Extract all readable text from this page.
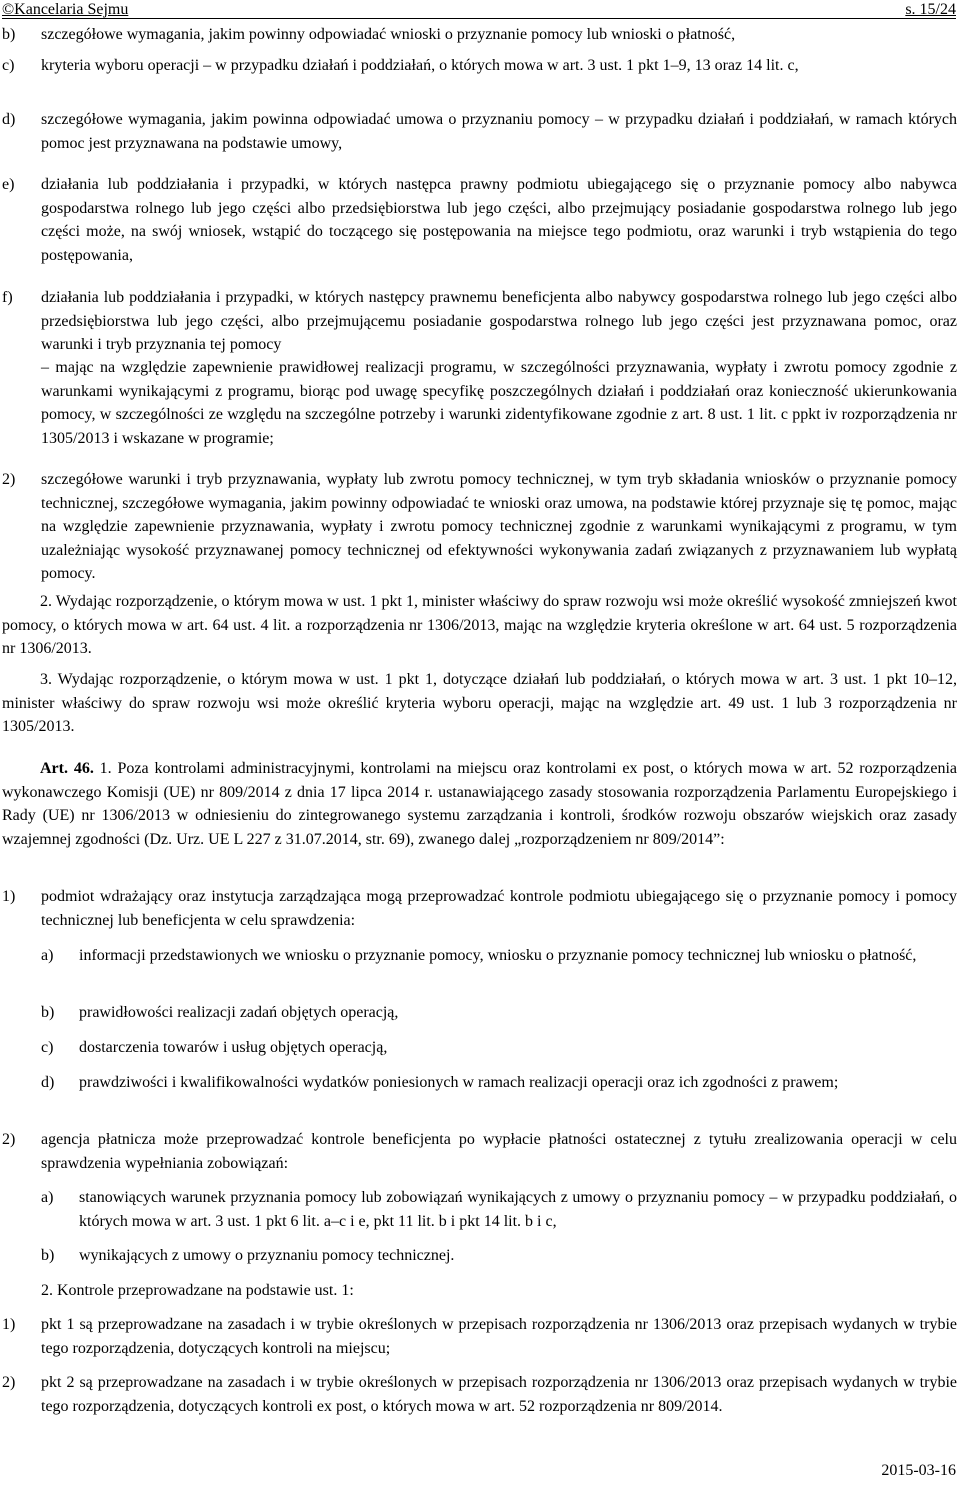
©Kancelaria Sejmu	s. 15/24
b) szczegółowe wymagania, jakim powinny odpowiadać wnioski o przyznanie pomocy lub wnioski o płatność,
c) kryteria wyboru operacji – w przypadku działań i poddziałań, o których mowa w art. 3 ust. 1 pkt 1–9, 13 oraz 14 lit. c,
d) szczegółowe wymagania, jakim powinna odpowiadać umowa o przyznaniu pomocy – w przypadku działań i poddziałań, w ramach których pomoc jest przyznawana na podstawie umowy,
e) działania lub poddziałania i przypadki, w których następca prawny podmiotu ubiegającego się o przyznanie pomocy albo nabywca gospodarstwa rolnego lub jego części albo przedsiębiorstwa lub jego części, albo przejmujący posiadanie gospodarstwa rolnego lub jego części może, na swój wniosek, wstąpić do toczącego się postępowania na miejsce tego podmiotu, oraz warunki i tryb wstąpienia do tego postępowania,
f) działania lub poddziałania i przypadki, w których następcy prawnemu beneficjenta albo nabywcy gospodarstwa rolnego lub jego części albo przedsiębiorstwa lub jego części, albo przejmującemu posiadanie gospodarstwa rolnego lub jego części jest przyznawana pomoc, oraz warunki i tryb przyznania tej pomocy
– mając na względzie zapewnienie prawidłowej realizacji programu, w szczególności przyznawania, wypłaty i zwrotu pomocy zgodnie z warunkami wynikającymi z programu, biorąc pod uwagę specyfikę poszczególnych działań i poddziałań oraz konieczność ukierunkowania pomocy, w szczególności ze względu na szczególne potrzeby i warunki zidentyfikowane zgodnie z art. 8 ust. 1 lit. c ppkt iv rozporządzenia nr 1305/2013 i wskazane w programie;
2) szczegółowe warunki i tryb przyznawania, wypłaty lub zwrotu pomocy technicznej, w tym tryb składania wniosków o przyznanie pomocy technicznej, szczegółowe wymagania, jakim powinny odpowiadać te wnioski oraz umowa, na podstawie której przyznaje się tę pomoc, mając na względzie zapewnienie przyznawania, wypłaty i zwrotu pomocy technicznej zgodnie z warunkami wynikającymi z programu, w tym uzależniając wysokość przyznawanej pomocy technicznej od efektywności wykonywania zadań związanych z przyznawaniem lub wypłatą pomocy.
2. Wydając rozporządzenie, o którym mowa w ust. 1 pkt 1, minister właściwy do spraw rozwoju wsi może określić wysokość zmniejszeń kwot pomocy, o których mowa w art. 64 ust. 4 lit. a rozporządzenia nr 1306/2013, mając na względzie kryteria określone w art. 64 ust. 5 rozporządzenia nr 1306/2013.
3. Wydając rozporządzenie, o którym mowa w ust. 1 pkt 1, dotyczące działań lub poddziałań, o których mowa w art. 3 ust. 1 pkt 10–12, minister właściwy do spraw rozwoju wsi może określić kryteria wyboru operacji, mając na względzie art. 49 ust. 1 lub 3 rozporządzenia nr 1305/2013.
Art. 46. 1. Poza kontrolami administracyjnymi, kontrolami na miejscu oraz kontrolami ex post, o których mowa w art. 52 rozporządzenia wykonawczego Komisji (UE) nr 809/2014 z dnia 17 lipca 2014 r. ustanawiającego zasady stosowania rozporządzenia Parlamentu Europejskiego i Rady (UE) nr 1306/2013 w odniesieniu do zintegrowanego systemu zarządzania i kontroli, środków rozwoju obszarów wiejskich oraz zasady wzajemnej zgodności (Dz. Urz. UE L 227 z 31.07.2014, str. 69), zwanego dalej „rozporządzeniem nr 809/2014”:
1) podmiot wdrażający oraz instytucja zarządzająca mogą przeprowadzać kontrole podmiotu ubiegającego się o przyznanie pomocy i pomocy technicznej lub beneficjenta w celu sprawdzenia:
a) informacji przedstawionych we wniosku o przyznanie pomocy, wniosku o przyznanie pomocy technicznej lub wniosku o płatność,
b) prawidłowości realizacji zadań objętych operacją,
c) dostarczenia towarów i usług objętych operacją,
d) prawdziwości i kwalifikowalności wydatków poniesionych w ramach realizacji operacji oraz ich zgodności z prawem;
2) agencja płatnicza może przeprowadzać kontrole beneficjenta po wypłacie płatności ostatecznej z tytułu zrealizowania operacji w celu sprawdzenia wypełniania zobowiązań:
a) stanowiących warunek przyznania pomocy lub zobowiązań wynikających z umowy o przyznaniu pomocy – w przypadku poddziałań, o których mowa w art. 3 ust. 1 pkt 6 lit. a–c i e, pkt 11 lit. b i pkt 14 lit. b i c,
b) wynikających z umowy o przyznaniu pomocy technicznej.
2. Kontrole przeprowadzane na podstawie ust. 1:
1) pkt 1 są przeprowadzane na zasadach i w trybie określonych w przepisach rozporządzenia nr 1306/2013 oraz przepisach wydanych w trybie tego rozporządzenia, dotyczących kontroli na miejscu;
2) pkt 2 są przeprowadzane na zasadach i w trybie określonych w przepisach rozporządzenia nr 1306/2013 oraz przepisach wydanych w trybie tego rozporządzenia, dotyczących kontroli ex post, o których mowa w art. 52 rozporządzenia nr 809/2014.
2015-03-16
